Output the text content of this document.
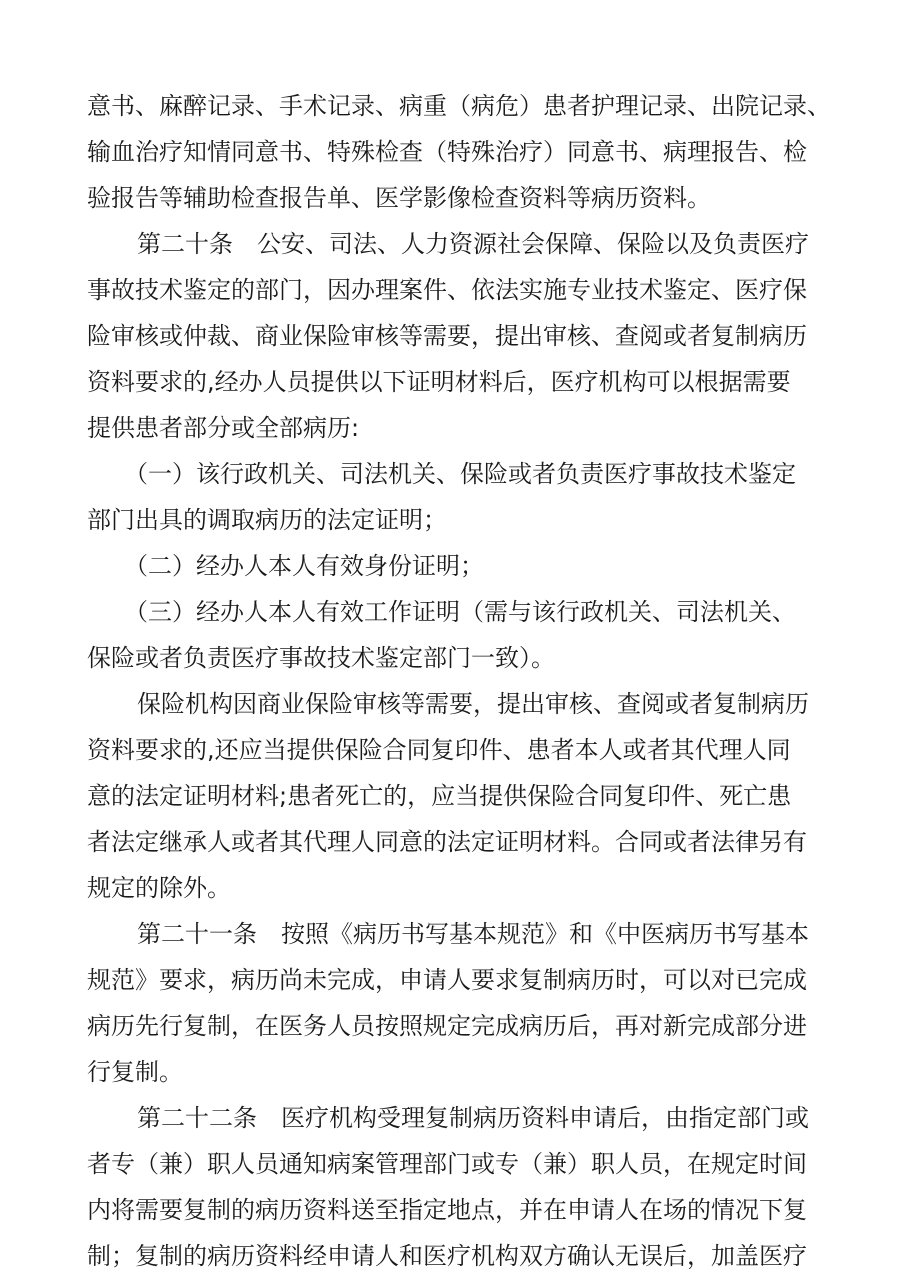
意书、麻醉记录、手术记录、病重（病危）患者护理记录、出院记录、

输血治疗知情同意书、特殊检查（特殊治疗）同意书、病理报告、检

验报告等辅助检查报告单、医学影像检查资料等病历资料。

第二十条　公安、司法、人力资源社会保障、保险以及负责医疗

事故技术鉴定的部门，因办理案件、依法实施专业技术鉴定、医疗保

险审核或仲裁、商业保险审核等需要，提出审核、查阅或者复制病历

资料要求的,经办人员提供以下证明材料后，医疗机构可以根据需要

提供患者部分或全部病历:

（一）该行政机关、司法机关、保险或者负责医疗事故技术鉴定

部门出具的调取病历的法定证明；

（二）经办人本人有效身份证明；

（三）经办人本人有效工作证明（需与该行政机关、司法机关、

保险或者负责医疗事故技术鉴定部门一致）。

保险机构因商业保险审核等需要，提出审核、查阅或者复制病历

资料要求的,还应当提供保险合同复印件、患者本人或者其代理人同

意的法定证明材料;患者死亡的，应当提供保险合同复印件、死亡患

者法定继承人或者其代理人同意的法定证明材料。合同或者法律另有

规定的除外。

第二十一条　按照《病历书写基本规范》和《中医病历书写基本

规范》要求，病历尚未完成，申请人要求复制病历时，可以对已完成

病历先行复制，在医务人员按照规定完成病历后，再对新完成部分进

行复制。

第二十二条　医疗机构受理复制病历资料申请后，由指定部门或

者专（兼）职人员通知病案管理部门或专（兼）职人员，在规定时间

内将需要复制的病历资料送至指定地点，并在申请人在场的情况下复

制；复制的病历资料经申请人和医疗机构双方确认无误后，加盖医疗
